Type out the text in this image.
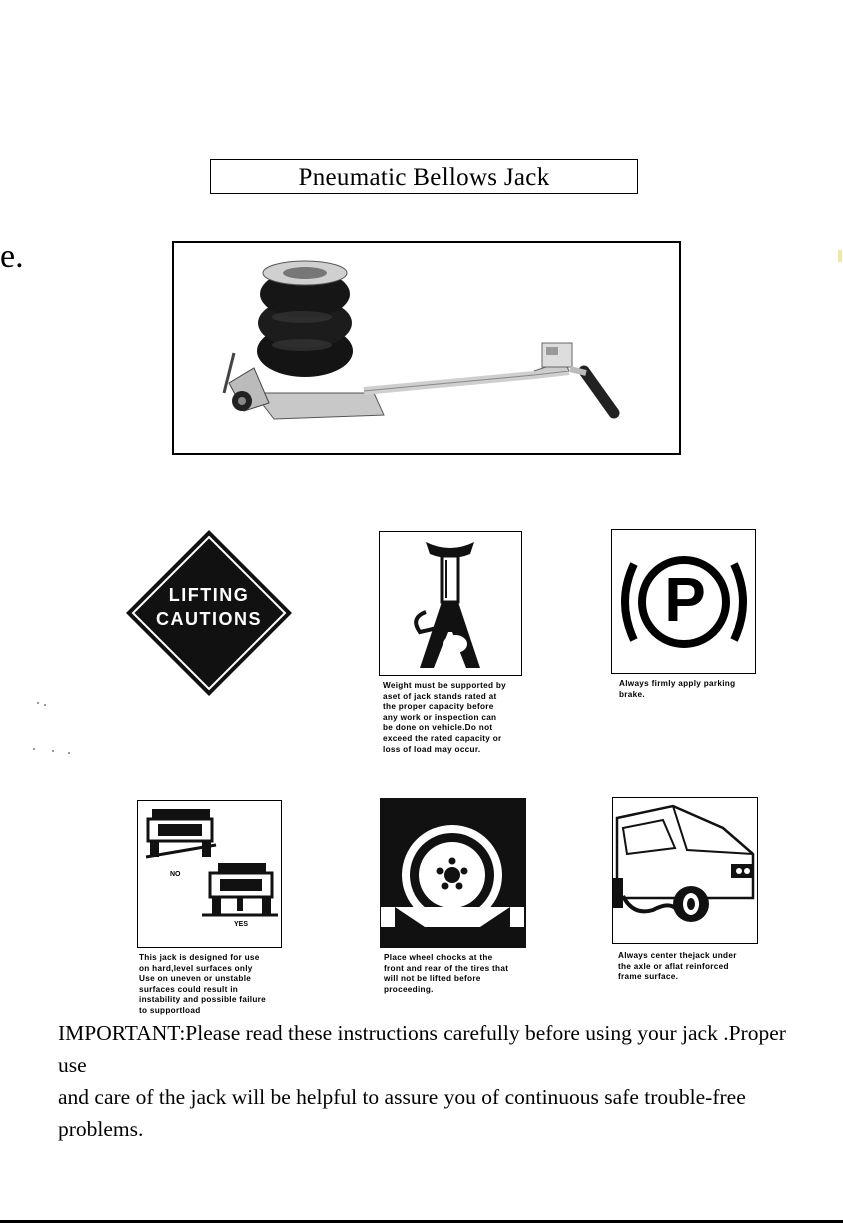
Pneumatic Bellows Jack
e.
LIFTING
CAUTIONS
Weight must be supported by
aset of jack stands rated at
the proper capacity before
any work or inspection can
be done on vehicle.Do not
exceed the rated capacity or
loss of load may occur.
P
Always firmly apply parking
brake.
NO
YES
This jack is designed for use
on hard,level surfaces only
Use on uneven or unstable
surfaces could result in
instability and possible failure
to supportload
Place wheel chocks at the
front and rear of the tires that
will not be lifted before
proceeding.
Always center thejack under
the axle or aflat reinforced
frame surface.
IMPORTANT:Please read these instructions carefully before using your jack .Proper use
and care of the jack will be helpful to assure you of continuous safe trouble-free problems.
